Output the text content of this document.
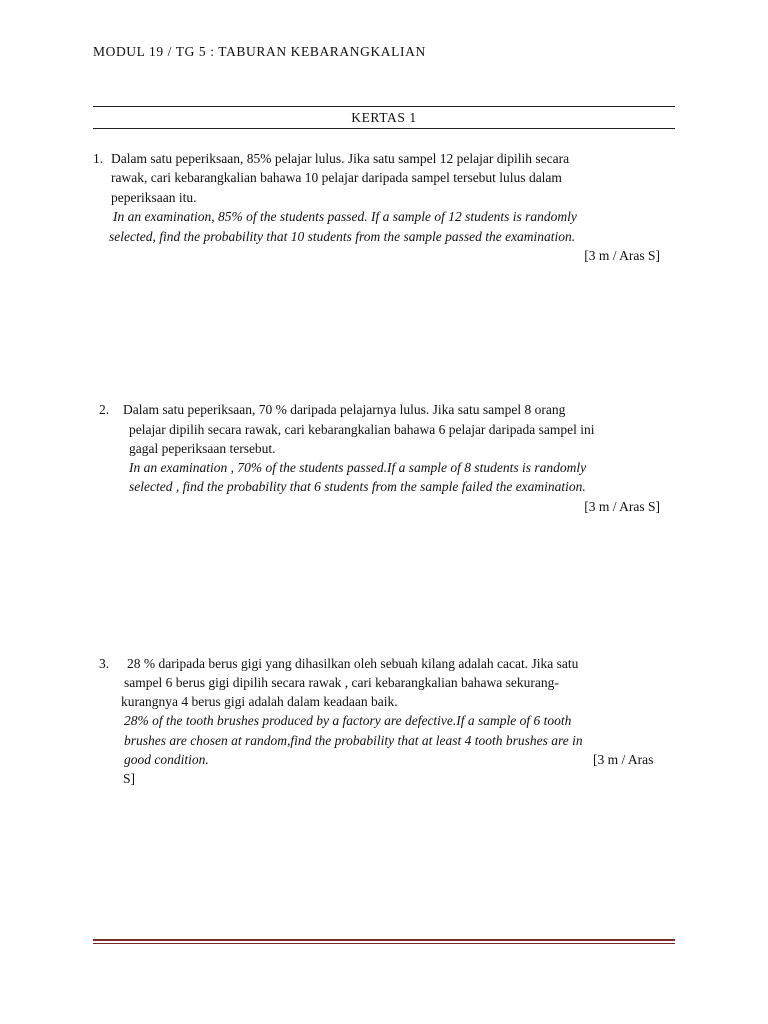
MODUL 19 / TG 5 : TABURAN KEBARANGKALIAN
KERTAS 1
1. Dalam satu peperiksaan, 85% pelajar lulus. Jika satu sampel 12 pelajar dipilih secara
rawak, cari kebarangkalian bahawa 10 pelajar daripada sampel tersebut lulus dalam
peperiksaan itu.
In an examination, 85% of the students passed. If a sample of 12 students is randomly
selected, find the probability that 10 students from the sample passed the examination.
[3 m / Aras S]
2. Dalam satu peperiksaan, 70 % daripada pelajarnya lulus. Jika satu sampel 8 orang
pelajar dipilih secara rawak, cari kebarangkalian bahawa 6 pelajar daripada sampel ini
gagal peperiksaan tersebut.
In an examination , 70% of the students passed.If a sample of 8 students is randomly
selected , find the probability that 6 students from the sample failed the examination.
[3 m / Aras S]
3. 28 % daripada berus gigi yang dihasilkan oleh sebuah kilang adalah cacat. Jika satu
sampel 6 berus gigi dipilih secara rawak , cari kebarangkalian bahawa sekurang-
kurangnya 4 berus gigi adalah dalam keadaan baik.
28% of the tooth brushes produced by a factory are defective.If a sample of 6 tooth
brushes are chosen at random,find the probability that at least 4 tooth brushes are in
good condition.	[3 m / Aras
S]
